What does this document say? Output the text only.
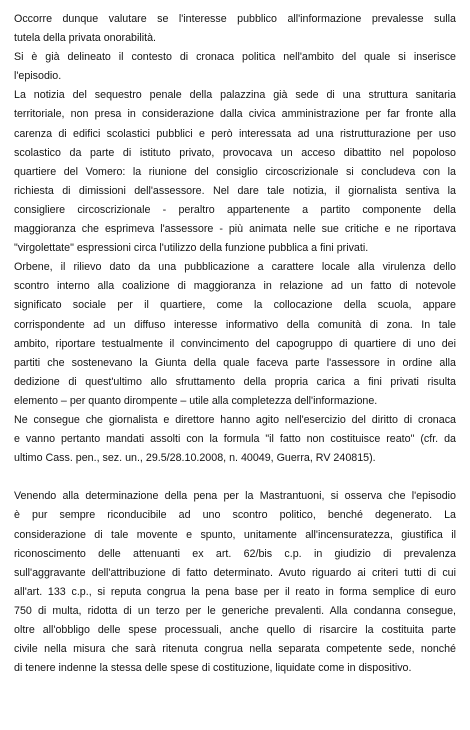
Occorre dunque valutare se l'interesse pubblico all'informazione prevalesse sulla
tutela della privata onorabilità.
Si è già delineato il contesto di cronaca politica nell'ambito del quale si inserisce
l'episodio.
La notizia del sequestro penale della palazzina già sede di una struttura sanitaria
territoriale, non presa in considerazione dalla civica amministrazione per far fronte alla
carenza di edifici scolastici pubblici e però interessata ad una ristrutturazione per uso
scolastico da parte di istituto privato, provocava un acceso dibattito nel popoloso
quartiere del Vomero: la riunione del consiglio circoscrizionale si concludeva con la
richiesta di dimissioni dell'assessore. Nel dare tale notizia, il giornalista sentiva la
consigliere circoscrizionale - peraltro appartenente a partito componente della
maggioranza che esprimeva l'assessore - più animata nelle sue critiche e ne riportava
"virgolettate" espressioni circa l'utilizzo della funzione pubblica a fini privati.
Orbene, il rilievo dato da una pubblicazione a carattere locale alla virulenza dello
scontro interno alla coalizione di maggioranza in relazione ad un fatto di notevole
significato sociale per il quartiere, come la collocazione della scuola, appare
corrispondente ad un diffuso interesse informativo della comunità di zona. In tale
ambito, riportare testualmente il convincimento del capogruppo di quartiere di uno dei
partiti che sostenevano la Giunta della quale faceva parte l'assessore in ordine alla
dedizione di quest'ultimo allo sfruttamento della propria carica a fini privati risulta
elemento – per quanto dirompente – utile alla completezza dell'informazione.
Ne consegue che giornalista e direttore hanno agito nell'esercizio del diritto di cronaca
e vanno pertanto mandati assolti con la formula "il fatto non costituisce reato" (cfr. da
ultimo Cass. pen., sez. un., 29.5/28.10.2008, n. 40049, Guerra, RV 240815).
Venendo alla determinazione della pena per la Mastrantuoni, si osserva che l'episodio
è pur sempre riconducibile ad uno scontro politico, benché degenerato. La
considerazione di tale movente e spunto, unitamente all'incensuratezza, giustifica il
riconoscimento delle attenuanti ex art. 62/bis c.p. in giudizio di prevalenza
sull'aggravante dell'attribuzione di fatto determinato. Avuto riguardo ai criteri tutti di cui
all'art. 133 c.p., si reputa congrua la pena base per il reato in forma semplice di euro
750 di multa, ridotta di un terzo per le generiche prevalenti. Alla condanna consegue,
oltre all'obbligo delle spese processuali, anche quello di risarcire la costituita parte
civile nella misura che sarà ritenuta congrua nella separata competente sede, nonché
di tenere indenne la stessa delle spese di costituzione, liquidate come in dispositivo.
